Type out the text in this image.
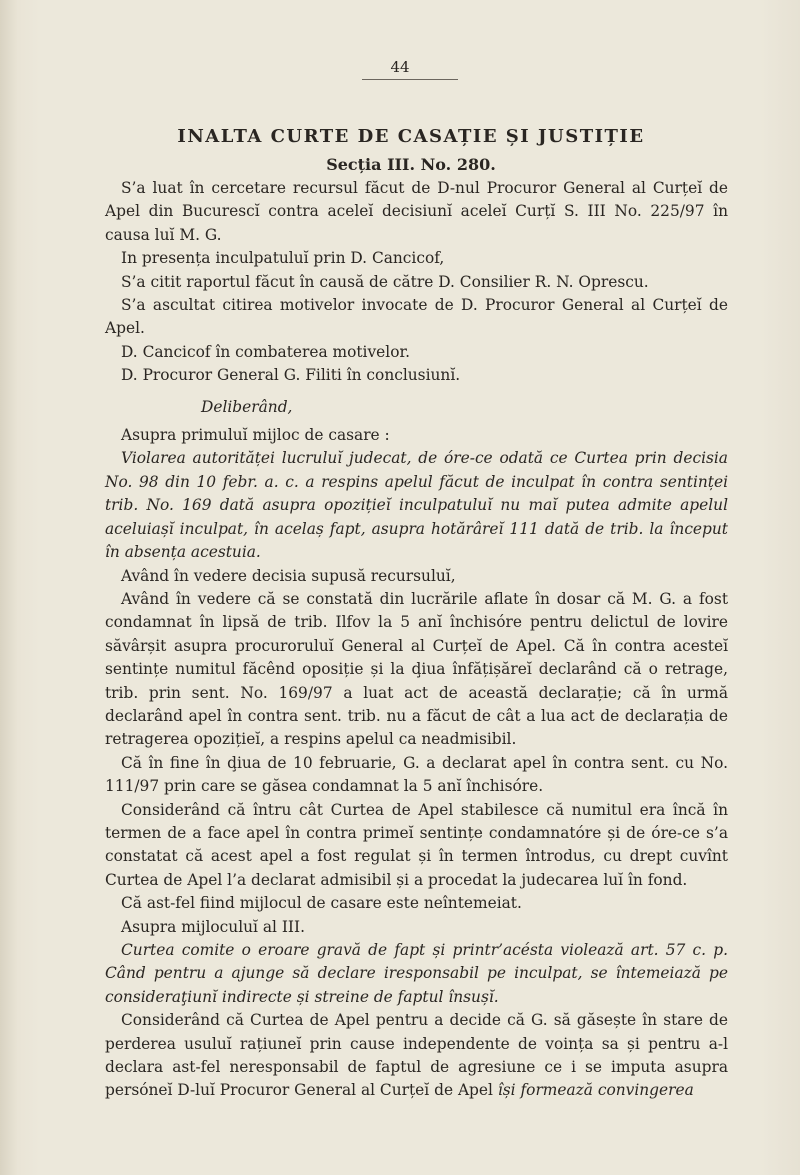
44
INALTA CURTE DE CASAȚIE ȘI JUSTIȚIE
Secția III. No. 280.

S’a luat în cercetare recursul făcut de D-nul Procuror General al Curțeĭ de Apel din Bucurescĭ contra aceleĭ decisiunĭ aceleĭ Curțĭ S. III No. 225/97 în causa luĭ M. G.

In presența inculpatuluĭ prin D. Cancicof,

S’a citit raportul făcut în causă de către D. Consilier R. N. Oprescu.

S’a ascultat citirea motivelor invocate de D. Procuror General al Curțeĭ de Apel.

D. Cancicof în combaterea motivelor.

D. Procuror General G. Filiti în conclusiunĭ.

Deliberând,

Asupra primuluĭ mijloc de casare :

Violarea autorităței lucruluĭ judecat, de óre-ce odată ce Curtea prin decisia No. 98 din 10 febr. a. c. a respins apelul făcut de inculpat în contra sentinței trib. No. 169 dată asupra opozițieĭ inculpatuluĭ nu maĭ putea admite apelul aceluiașĭ inculpat, în acelaș fapt, asupra hotărâreĭ 111 dată de trib. la început în absența acestuia.

Având în vedere decisia supusă recursuluĭ,

Având în vedere că se constată din lucrările aflate în dosar că M. G. a fost condamnat în lipsă de trib. Ilfov la 5 anĭ închisóre pentru delictul de lovire săvârșit asupra procuroruluĭ General al Curțeĭ de Apel. Că în contra acesteĭ sentințe numitul făcênd oposiție și la ḑiua înfățișăreĭ declarând că o retrage, trib. prin sent. No. 169/97 a luat act de această declarație; că în urmă declarând apel în contra sent. trib. nu a făcut de cât a lua act de declarația de retragerea opozițieĭ, a respins apelul ca neadmisibil.

Că în fine în ḑiua de 10 februarie, G. a declarat apel în contra sent. cu No. 111/97 prin care se găsea condamnat la 5 anĭ închisóre.

Considerând că întru cât Curtea de Apel stabilesce că numitul era încă în termen de a face apel în contra primeĭ sentințe condamnatóre și de óre-ce s’a constatat că acest apel a fost regulat și în termen întrodus, cu drept cuvînt Curtea de Apel l’a declarat admisibil și a procedat la judecarea luĭ în fond.

Că ast-fel fiind mijlocul de casare este neîntemeiat.

Asupra mijloculuĭ al III.

Curtea comite o eroare gravă de fapt și printr’acésta violează art. 57 c. p. Când pentru a ajunge să declare iresponsabil pe inculpat, se întemeiază pe consideraţiunĭ indirecte și streine de faptul însușĭ.

Considerând că Curtea de Apel pentru a decide că G. să găsește în stare de perderea usuluĭ rațiuneĭ prin cause independente de voința sa și pentru a-l declara ast-fel neresponsabil de faptul de agresiune ce i se imputa asupra persóneĭ D-luĭ Procuror General al Curțeĭ de Apel își formează convingerea
